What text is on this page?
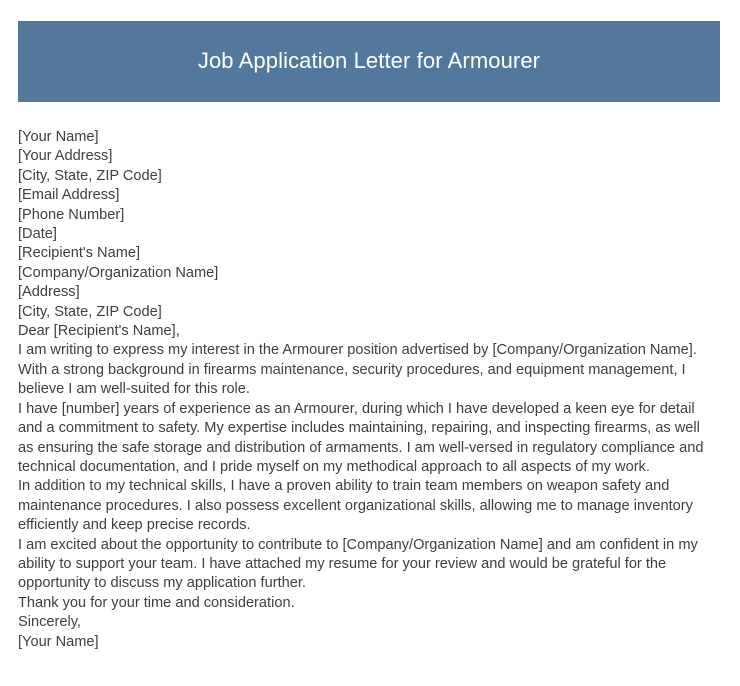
Job Application Letter for Armourer
[Your Name]
[Your Address]
[City, State, ZIP Code]
[Email Address]
[Phone Number]
[Date]
[Recipient's Name]
[Company/Organization Name]
[Address]
[City, State, ZIP Code]
Dear [Recipient's Name],
I am writing to express my interest in the Armourer position advertised by [Company/Organization Name]. With a strong background in firearms maintenance, security procedures, and equipment management, I believe I am well-suited for this role.
I have [number] years of experience as an Armourer, during which I have developed a keen eye for detail and a commitment to safety. My expertise includes maintaining, repairing, and inspecting firearms, as well as ensuring the safe storage and distribution of armaments. I am well-versed in regulatory compliance and technical documentation, and I pride myself on my methodical approach to all aspects of my work.
In addition to my technical skills, I have a proven ability to train team members on weapon safety and maintenance procedures. I also possess excellent organizational skills, allowing me to manage inventory efficiently and keep precise records.
I am excited about the opportunity to contribute to [Company/Organization Name] and am confident in my ability to support your team. I have attached my resume for your review and would be grateful for the opportunity to discuss my application further.
Thank you for your time and consideration.
Sincerely,
[Your Name]
